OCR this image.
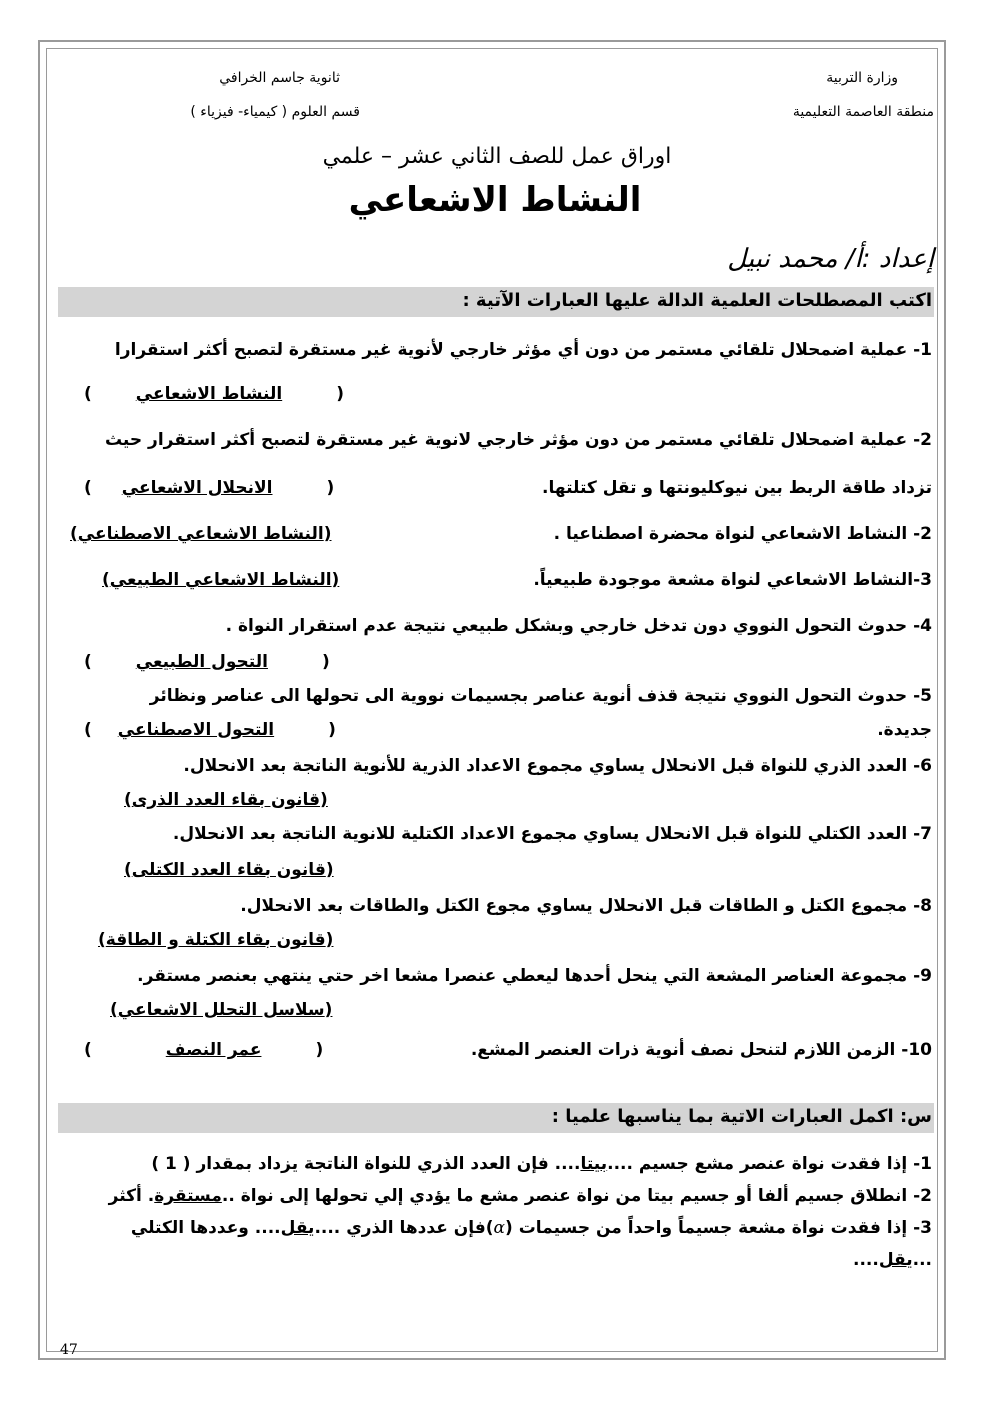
وزارة التربية
منطقة العاصمة التعليمية
ثانوية جاسم الخرافي
قسم العلوم ( كيمياء- فيزياء )
اوراق عمل للصف الثاني عشر – علمي
النشاط الاشعاعي
إعداد :أ/ محمد نبيل
اكتب المصطلحات العلمية الدالة عليها العبارات الآتية :
1- عملية اضمحلال تلقائي مستمر من دون أي مؤثر خارجي لأنوية غير مستقرة لتصبح أكثر استقرارا
(	النشاط الاشعاعي	)
2- عملية اضمحلال تلقائي مستمر من دون مؤثر خارجي لانوية غير مستقرة لتصبح أكثر استقرار حيث
تزداد طاقة الربط بين نيوكليونتها و تقل كتلتها.
( الانحلال الاشعاعي	)
2- النشاط الاشعاعي لنواة محضرة اصطناعيا .
(النشاط الاشعاعي الاصطناعي)
3-النشاط الاشعاعي لنواة مشعة موجودة طبيعياً.
(النشاط الاشعاعي الطبيعي)
4- حدوث التحول النووي دون تدخل خارجي وبشكل طبيعي نتيجة عدم استقرار النواة .
(	التحول الطبيعي	)
5- حدوث التحول النووي نتيجة قذف أنوية عناصر بجسيمات نووية الى تحولها الى عناصر ونظائر
جديدة.
( التحول الاصطناعي	)
6- العدد الذري للنواة قبل الانحلال يساوي مجموع الاعداد الذرية للأنوية الناتجة بعد الانحلال.
(قانون بقاء العدد الذرى)
7- العدد الكتلي للنواة قبل الانحلال يساوي مجموع الاعداد الكتلية للانوية الناتجة بعد الانحلال.
(قانون بقاء العدد الكتلى)
8- مجموع الكتل و الطاقات قبل الانحلال يساوي مجوع الكتل والطاقات بعد الانحلال.
(قانون بقاء الكتلة و الطاقة)
9- مجموعة العناصر المشعة التي ينحل أحدها ليعطي عنصرا مشعا اخر حتي ينتهي بعنصر مستقر.
(سلاسل التحلل الاشعاعي)
10- الزمن اللازم لتنحل نصف أنوية ذرات العنصر المشع.
(	عمر النصف	)
س: اكمل العبارات الاتية بما يناسبها علميا :
1- إذا فقدت نواة عنصر مشع جسيم ....بيتا.... فإن العدد الذري للنواة الناتجة يزداد بمقدار ( 1 )
2- انطلاق جسيم ألفا أو جسيم بيتا من نواة عنصر مشع ما يؤدي إلي تحولها إلى نواة ..مستقرة. أكثر
3- إذا فقدت نواة مشعة جسيماً واحداً من جسيمات (α)فإن عددها الذري ....يقل.... وعددها الكتلي
...يقل....
47
